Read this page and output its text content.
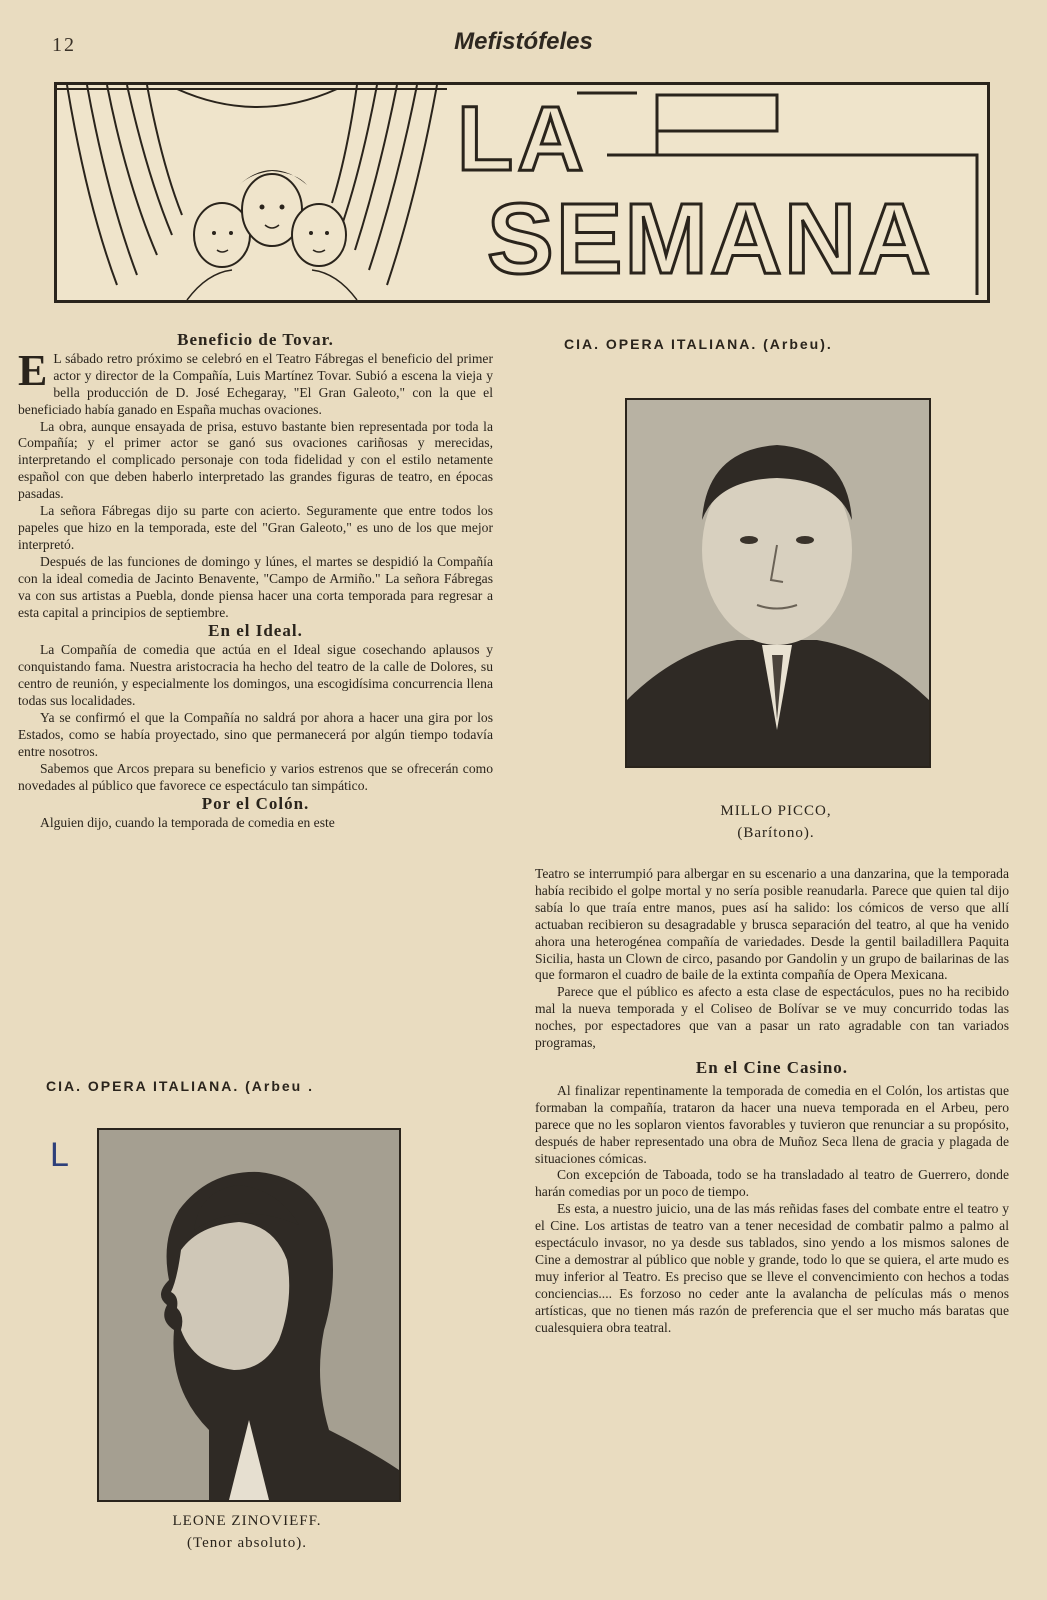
12	Mefistófeles
LA
SEMANA
Beneficio de Tovar.

E L sábado retro próximo se celebró en el Teatro Fábregas el beneficio del primer actor y director de la Compañía, Luis Martínez Tovar. Subió a escena la vieja y bella producción de D. José Echegaray, "El Gran Galeoto," con la que el beneficiado había ganado en España muchas ovaciones.

La obra, aunque ensayada de prisa, estuvo bastante bien representada por toda la Compañía; y el primer actor se ganó sus ovaciones cariñosas y merecidas, interpretando el complicado personaje con toda fidelidad y con el estilo netamente español con que deben haberlo interpretado las grandes figuras de teatro, en épocas pasadas.

La señora Fábregas dijo su parte con acierto. Seguramente que entre todos los papeles que hizo en la temporada, este del "Gran Galeoto," es uno de los que mejor interpretó.

Después de las funciones de domingo y lúnes, el martes se despidió la Compañía con la ideal comedia de Jacinto Benavente, "Campo de Armiño." La señora Fábregas va con sus artistas a Puebla, donde piensa hacer una corta temporada para regresar a esta capital a principios de septiembre.

En el Ideal.

La Compañía de comedia que actúa en el Ideal sigue cosechando aplausos y conquistando fama. Nuestra aristocracia ha hecho del teatro de la calle de Dolores, su centro de reunión, y especialmente los domingos, una escogidísima concurrencia llena todas sus localidades.

Ya se confirmó el que la Compañía no saldrá por ahora a hacer una gira por los Estados, como se había proyectado, sino que permanecerá por algún tiempo todavía entre nosotros.

Sabemos que Arcos prepara su beneficio y varios estrenos que se ofrecerán como novedades al público que favorece ce espectáculo tan simpático.

Por el Colón.

Alguien dijo, cuando la temporada de comedia en este

CIA. OPERA ITALIANA. (Arbeu .
L
LEONE ZINOVIEFF.
(Tenor absoluto).
CIA. OPERA ITALIANA. (Arbeu).
MILLO PICCO,
(Barítono).

Teatro se interrumpió para albergar en su escenario a una danzarina, que la temporada había recibido el golpe mortal y no sería posible reanudarla. Parece que quien tal dijo sabía lo que traía entre manos, pues así ha salido: los cómicos de verso que allí actuaban recibieron su desagradable y brusca separación del teatro, al que ha venido ahora una heterogénea compañía de variedades. Desde la gentil bailadillera Paquita Sicilia, hasta un Clown de circo, pasando por Gandolin y un grupo de bailarinas de las que formaron el cuadro de baile de la extinta compañía de Opera Mexicana.

Parece que el público es afecto a esta clase de espectáculos, pues no ha recibido mal la nueva temporada y el Coliseo de Bolívar se ve muy concurrido todas las noches, por espectadores que van a pasar un rato agradable con tan variados programas,

En el Cine Casino.

Al finalizar repentinamente la temporada de comedia en el Colón, los artistas que formaban la compañía, trataron da hacer una nueva temporada en el Arbeu, pero parece que no les soplaron vientos favorables y tuvieron que renunciar a su propósito, después de haber representado una obra de Muñoz Seca llena de gracia y plagada de situaciones cómicas.

Con excepción de Taboada, todo se ha transladado al teatro de Guerrero, donde harán comedias por un poco de tiempo.

Es esta, a nuestro juicio, una de las más reñidas fases del combate entre el teatro y el Cine. Los artistas de teatro van a tener necesidad de combatir palmo a palmo al espectáculo invasor, no ya desde sus tablados, sino yendo a los mismos salones de Cine a demostrar al público que noble y grande, todo lo que se quiera, el arte mudo es muy inferior al Teatro. Es preciso que se lleve el convencimiento con hechos a todas conciencias.... Es forzoso no ceder ante la avalancha de películas más o menos artísticas, que no tienen más razón de preferencia que el ser mucho más baratas que cualesquiera obra teatral.
